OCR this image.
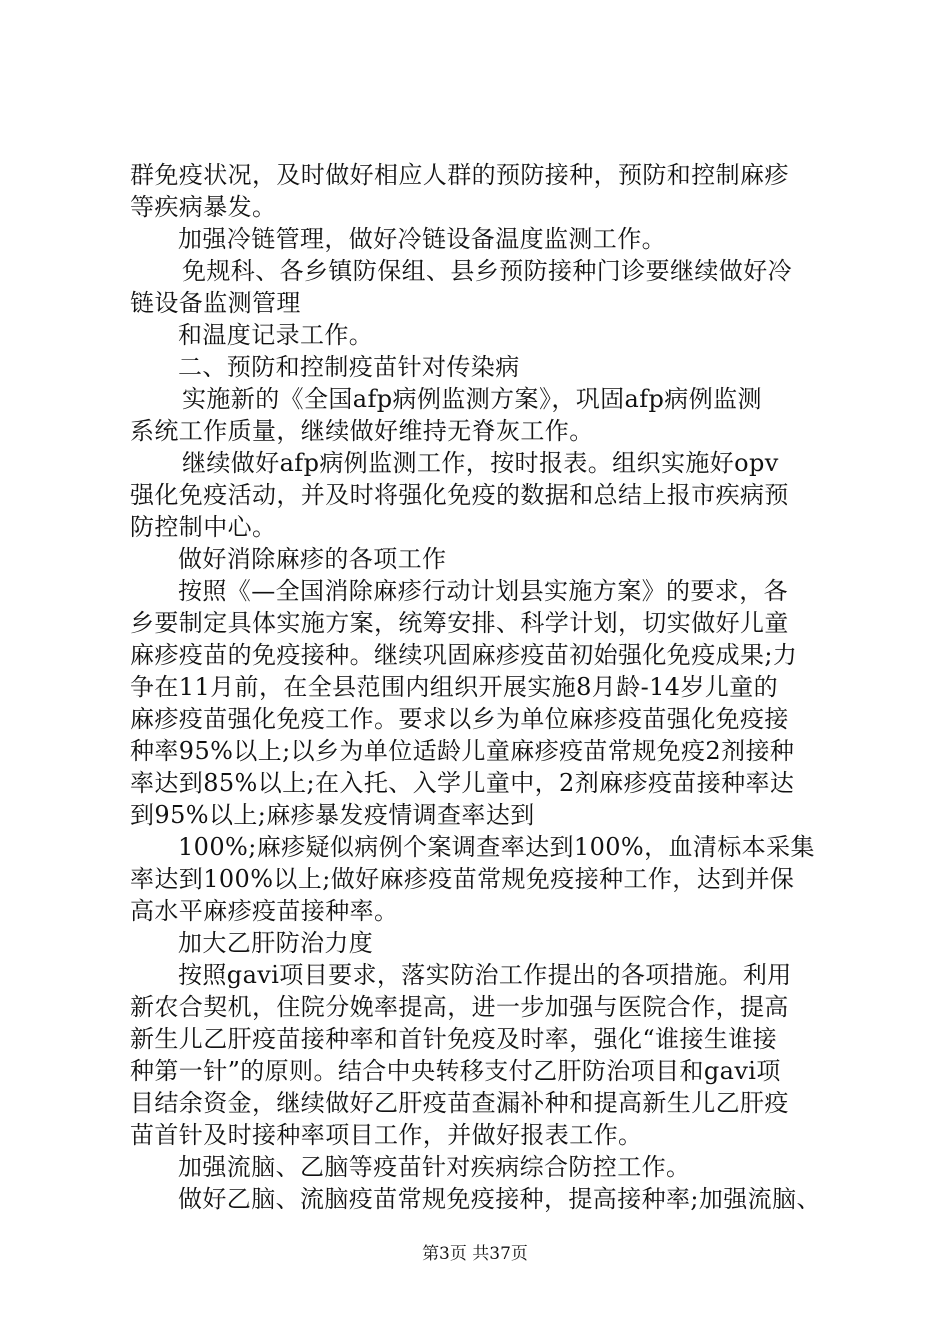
群免疫状况，及时做好相应人群的预防接种，预防和控制麻疹
等疾病暴发。
加强冷链管理，做好冷链设备温度监测工作。
免规科、各乡镇防保组、县乡预防接种门诊要继续做好冷
链设备监测管理
和温度记录工作。
二、预防和控制疫苗针对传染病
实施新的《全国afp病例监测方案》，巩固afp病例监测
系统工作质量，继续做好维持无脊灰工作。
继续做好afp病例监测工作，按时报表。组织实施好opv
强化免疫活动，并及时将强化免疫的数据和总结上报市疾病预
防控制中心。
做好消除麻疹的各项工作
按照《—全国消除麻疹行动计划县实施方案》的要求，各
乡要制定具体实施方案，统筹安排、科学计划，切实做好儿童
麻疹疫苗的免疫接种。继续巩固麻疹疫苗初始强化免疫成果;力
争在11月前，在全县范围内组织开展实施8月龄-14岁儿童的
麻疹疫苗强化免疫工作。要求以乡为单位麻疹疫苗强化免疫接
种率95%以上;以乡为单位适龄儿童麻疹疫苗常规免疫2剂接种
率达到85%以上;在入托、入学儿童中，2剂麻疹疫苗接种率达
到95%以上;麻疹暴发疫情调查率达到
100%;麻疹疑似病例个案调查率达到100%，血清标本采集
率达到100%以上;做好麻疹疫苗常规免疫接种工作，达到并保
高水平麻疹疫苗接种率。
加大乙肝防治力度
按照gavi项目要求，落实防治工作提出的各项措施。利用
新农合契机，住院分娩率提高，进一步加强与医院合作，提高
新生儿乙肝疫苗接种率和首针免疫及时率，强化“谁接生谁接
种第一针”的原则。结合中央转移支付乙肝防治项目和gavi项
目结余资金，继续做好乙肝疫苗查漏补种和提高新生儿乙肝疫
苗首针及时接种率项目工作，并做好报表工作。
加强流脑、乙脑等疫苗针对疾病综合防控工作。
做好乙脑、流脑疫苗常规免疫接种，提高接种率;加强流脑、
第3页 共37页
